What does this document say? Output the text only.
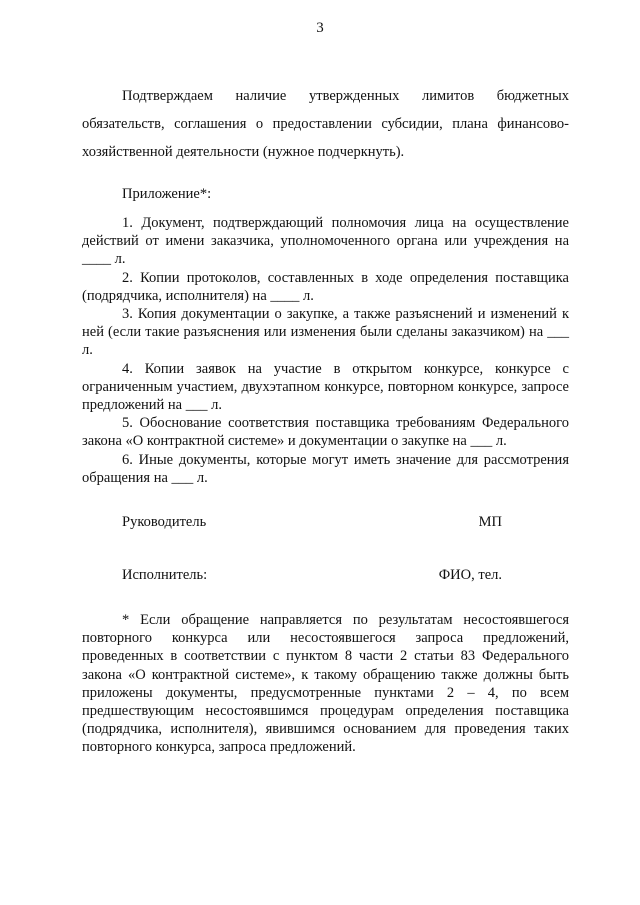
3
Подтверждаем наличие утвержденных лимитов бюджетных обязательств, соглашения о предоставлении субсидии, плана финансово-хозяйственной деятельности (нужное подчеркнуть).
Приложение*:

1. Документ, подтверждающий полномочия лица на осуществление действий от имени заказчика, уполномоченного органа или учреждения на ____ л.

2. Копии протоколов, составленных в ходе определения поставщика (подрядчика, исполнителя) на ____ л.

3. Копия документации о закупке, а также разъяснений и изменений к ней (если такие разъяснения или изменения были сделаны заказчиком) на ___ л.

4. Копии заявок на участие в открытом конкурсе, конкурсе с ограниченным участием, двухэтапном конкурсе, повторном конкурсе, запросе предложений на ___ л.

5. Обоснование соответствия поставщика требованиям Федерального закона «О контрактной системе» и документации о закупке на ___ л.

6. Иные документы, которые могут иметь значение для рассмотрения обращения на ___ л.

Руководитель	МП
Исполнитель:	ФИО, тел.
* Если обращение направляется по результатам несостоявшегося повторного конкурса или несостоявшегося запроса предложений, проведенных в соответствии с пунктом 8 части 2 статьи 83 Федерального закона «О контрактной системе», к такому обращению также должны быть приложены документы, предусмотренные пунктами 2 – 4, по всем предшествующим несостоявшимся процедурам определения поставщика (подрядчика, исполнителя), явившимся основанием для проведения таких повторного конкурса, запроса предложений.
